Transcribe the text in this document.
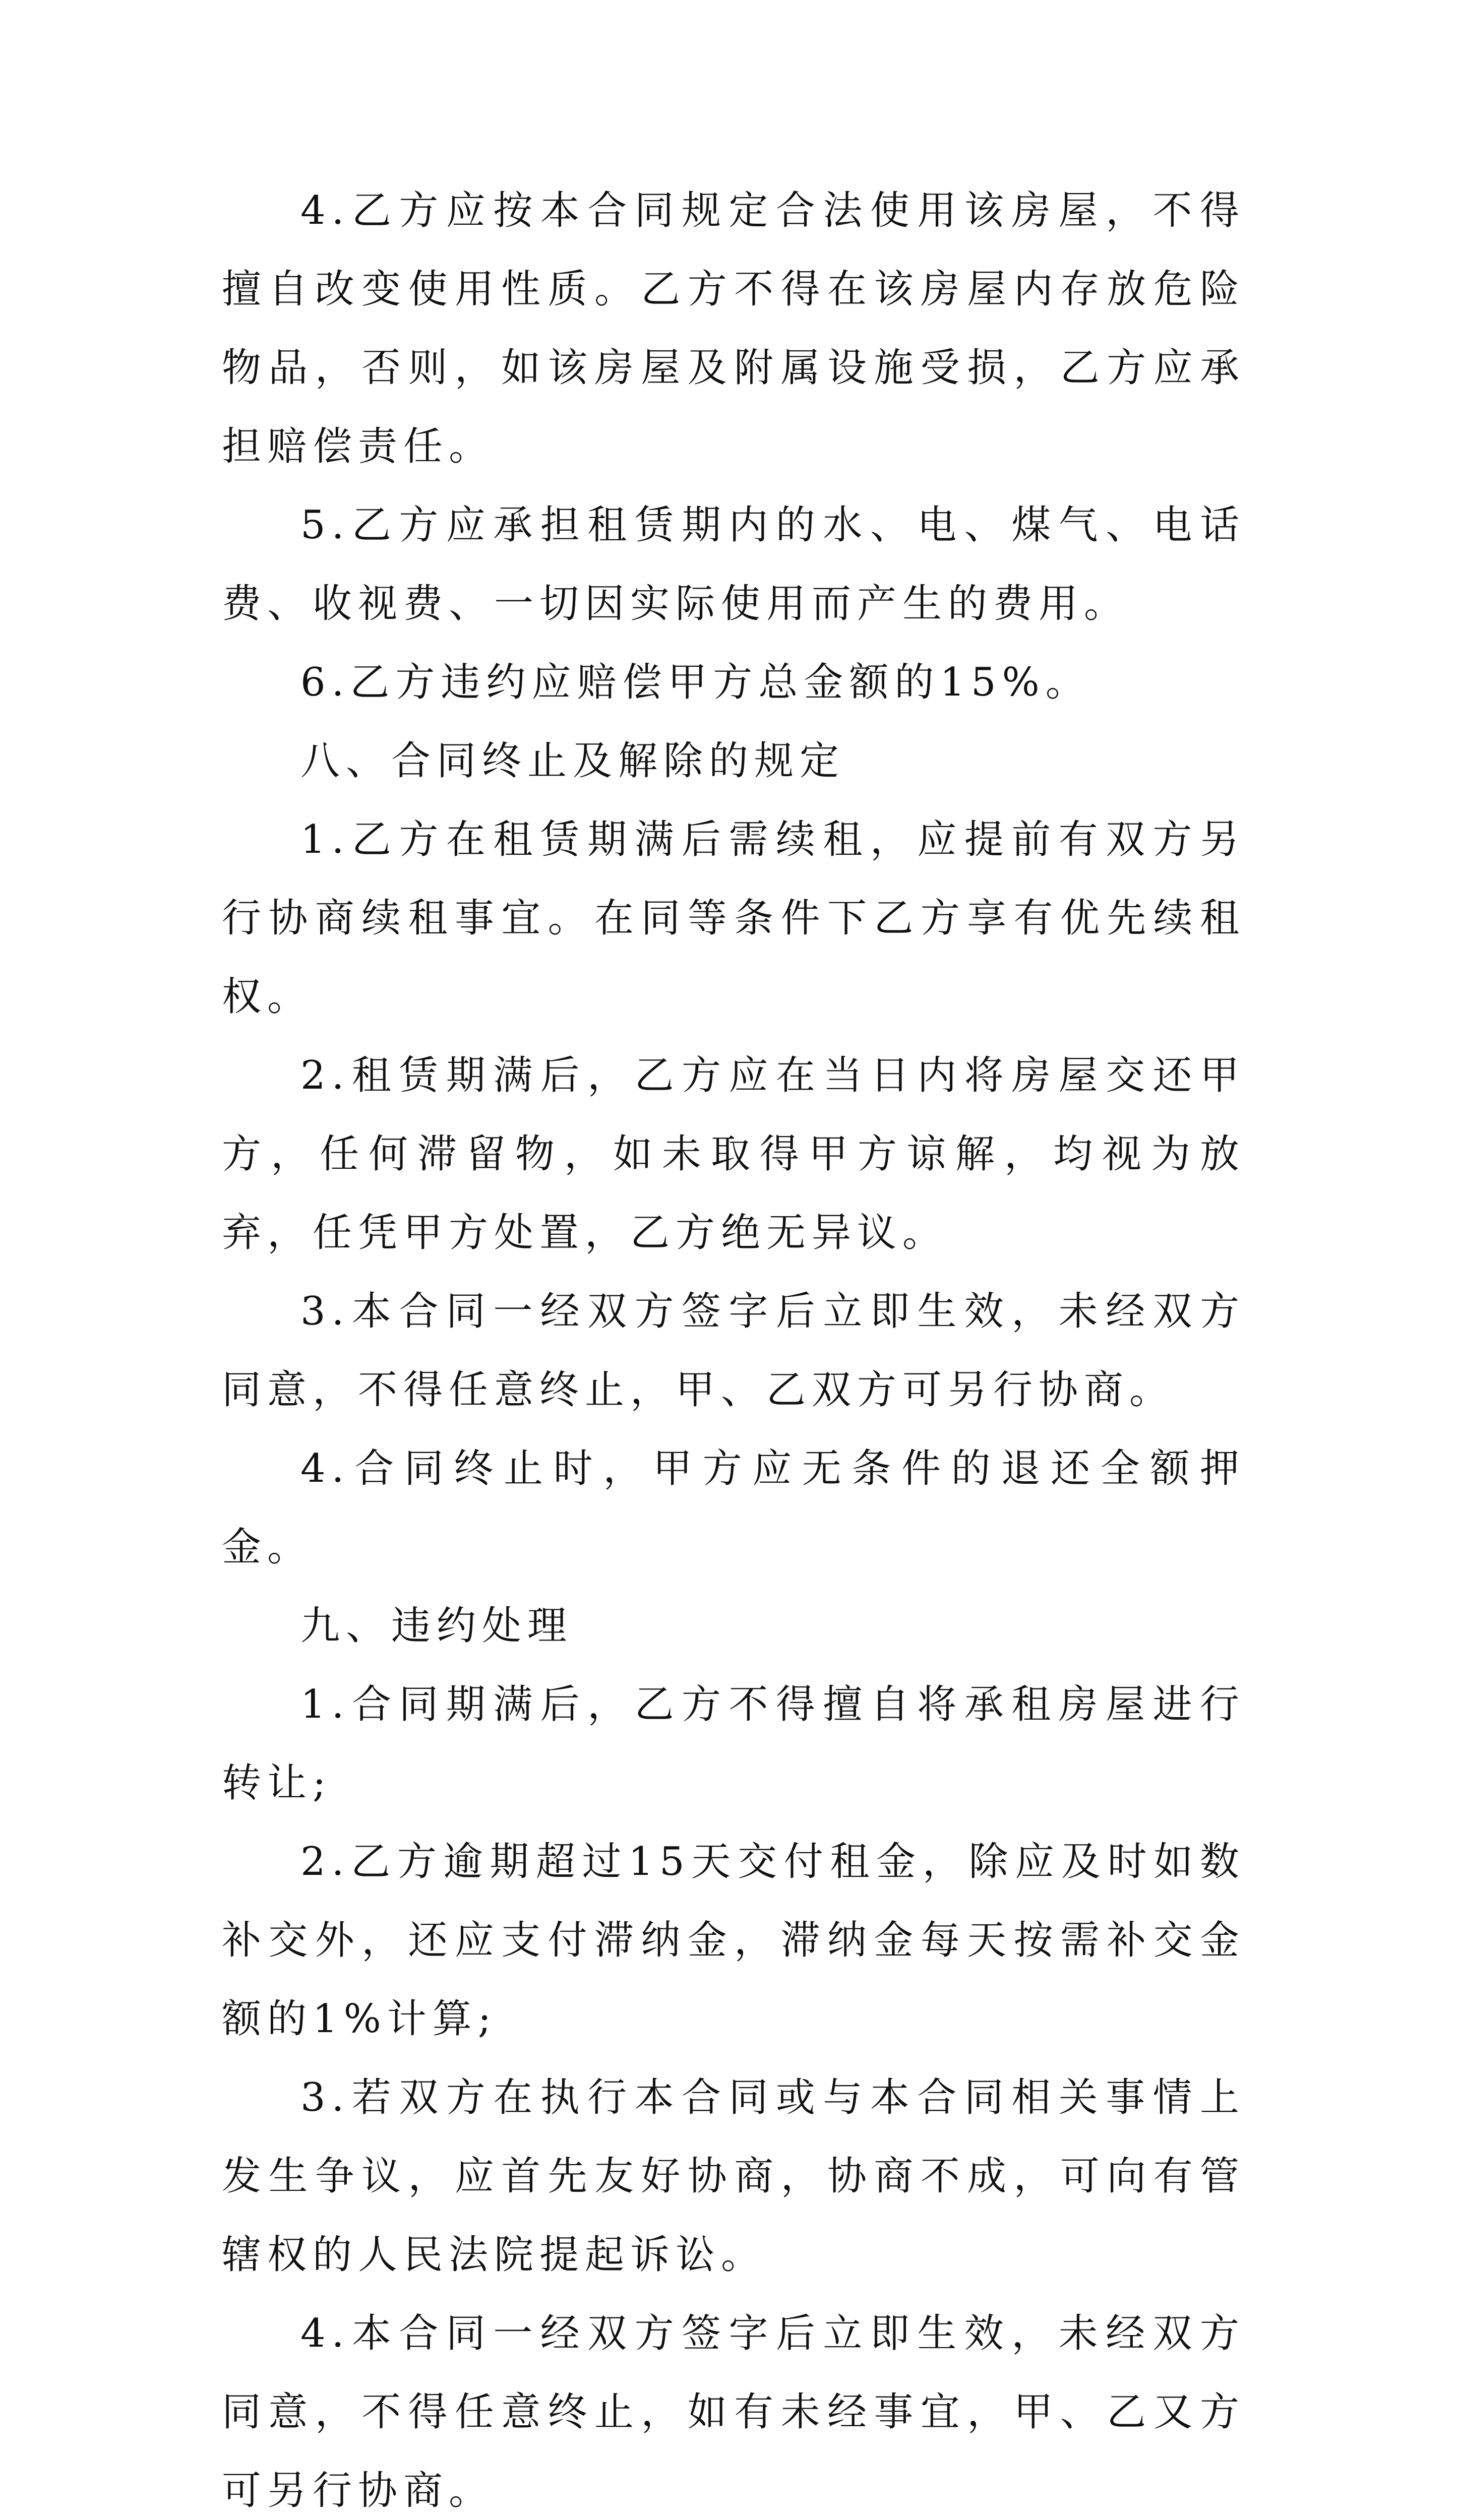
4.乙方应按本合同规定合法使用该房屋，不得擅自改变使用性质。乙方不得在该房屋内存放危险物品，否则，如该房屋及附属设施受损，乙方应承担赔偿责任。

5.乙方应承担租赁期内的水、电、煤气、电话费、收视费、一切因实际使用而产生的费用。

6.乙方违约应赔偿甲方总金额的15%。

八、合同终止及解除的规定

1.乙方在租赁期满后需续租，应提前有双方另行协商续租事宜。在同等条件下乙方享有优先续租权。

2.租赁期满后，乙方应在当日内将房屋交还甲方，任何滞留物，如未取得甲方谅解，均视为放弃，任凭甲方处置，乙方绝无异议。

3.本合同一经双方签字后立即生效，未经双方同意，不得任意终止，甲、乙双方可另行协商。

4.合同终止时，甲方应无条件的退还全额押金。

九、违约处理

1.合同期满后，乙方不得擅自将承租房屋进行转让;

2.乙方逾期超过15天交付租金，除应及时如数补交外，还应支付滞纳金，滞纳金每天按需补交金额的1%计算;

3.若双方在执行本合同或与本合同相关事情上发生争议，应首先友好协商，协商不成，可向有管辖权的人民法院提起诉讼。

4.本合同一经双方签字后立即生效，未经双方同意，不得任意终止，如有未经事宜，甲、乙又方可另行协商。
